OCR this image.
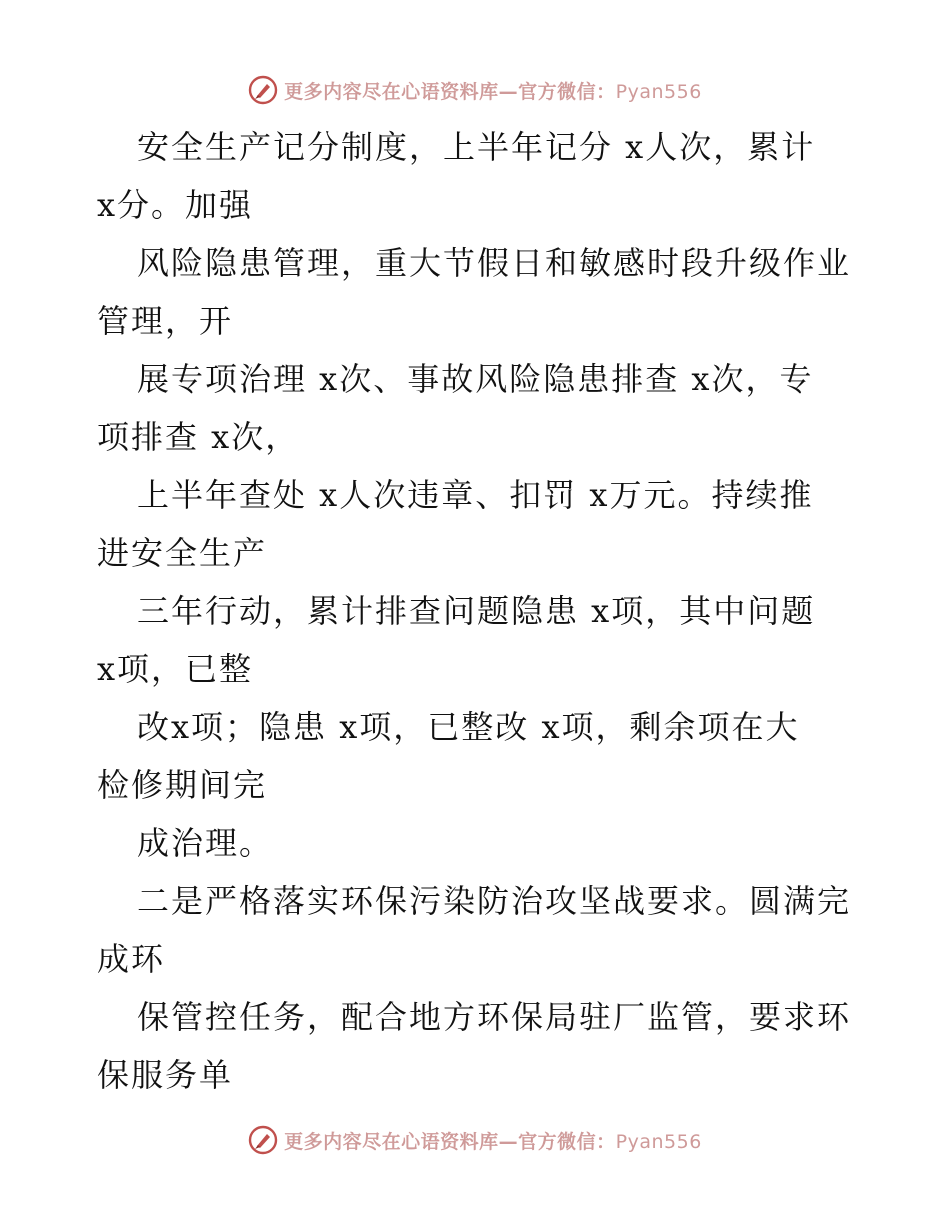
更多内容尽在心语资料库—官方微信：Pyan556
安全生产记分制度，上半年记分 x人次，累计
x分。加强
风险隐患管理，重大节假日和敏感时段升级作业
管理，开
展专项治理 x次、事故风险隐患排查 x次，专
项排查 x次，
上半年查处 x人次违章、扣罚 x万元。持续推
进安全生产
三年行动，累计排查问题隐患 x项，其中问题
x项，已整
改x项；隐患 x项，已整改 x项，剩余项在大
检修期间完
成治理。
二是严格落实环保污染防治攻坚战要求。圆满完
成环
保管控任务，配合地方环保局驻厂监管，要求环
保服务单
更多内容尽在心语资料库—官方微信：Pyan556
